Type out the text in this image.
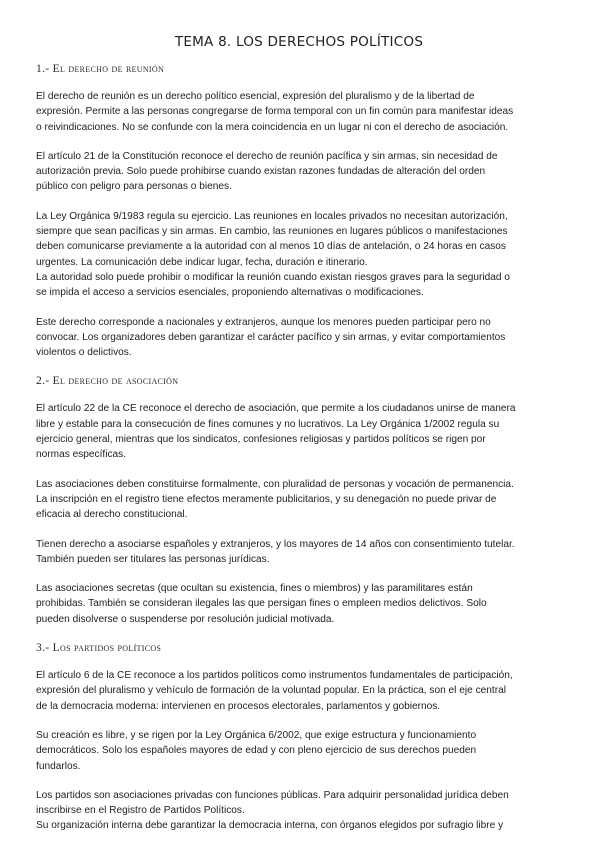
TEMA 8. LOS DERECHOS POLÍTICOS
1.- El derecho de reunión

El derecho de reunión es un derecho político esencial, expresión del pluralismo y de la libertad de
expresión. Permite a las personas congregarse de forma temporal con un fin común para manifestar ideas
o reivindicaciones. No se confunde con la mera coincidencia en un lugar ni con el derecho de asociación.

El artículo 21 de la Constitución reconoce el derecho de reunión pacífica y sin armas, sin necesidad de
autorización previa. Solo puede prohibirse cuando existan razones fundadas de alteración del orden
público con peligro para personas o bienes.

La Ley Orgánica 9/1983 regula su ejercicio. Las reuniones en locales privados no necesitan autorización,
siempre que sean pacíficas y sin armas. En cambio, las reuniones en lugares públicos o manifestaciones
deben comunicarse previamente a la autoridad con al menos 10 días de antelación, o 24 horas en casos
urgentes. La comunicación debe indicar lugar, fecha, duración e itinerario.
La autoridad solo puede prohibir o modificar la reunión cuando existan riesgos graves para la seguridad o
se impida el acceso a servicios esenciales, proponiendo alternativas o modificaciones.

Este derecho corresponde a nacionales y extranjeros, aunque los menores pueden participar pero no
convocar. Los organizadores deben garantizar el carácter pacífico y sin armas, y evitar comportamientos
violentos o delictivos.

2.- El derecho de asociación

El artículo 22 de la CE reconoce el derecho de asociación, que permite a los ciudadanos unirse de manera
libre y estable para la consecución de fines comunes y no lucrativos. La Ley Orgánica 1/2002 regula su
ejercicio general, mientras que los sindicatos, confesiones religiosas y partidos políticos se rigen por
normas específicas.

Las asociaciones deben constituirse formalmente, con pluralidad de personas y vocación de permanencia.
La inscripción en el registro tiene efectos meramente publicitarios, y su denegación no puede privar de
eficacia al derecho constitucional.

Tienen derecho a asociarse españoles y extranjeros, y los mayores de 14 años con consentimiento tutelar.
También pueden ser titulares las personas jurídicas.

Las asociaciones secretas (que ocultan su existencia, fines o miembros) y las paramilitares están
prohibidas. También se consideran ilegales las que persigan fines o empleen medios delictivos. Solo
pueden disolverse o suspenderse por resolución judicial motivada.

3.- Los partidos políticos

El artículo 6 de la CE reconoce a los partidos políticos como instrumentos fundamentales de participación,
expresión del pluralismo y vehículo de formación de la voluntad popular. En la práctica, son el eje central
de la democracia moderna: intervienen en procesos electorales, parlamentos y gobiernos.

Su creación es libre, y se rigen por la Ley Orgánica 6/2002, que exige estructura y funcionamiento
democráticos. Solo los españoles mayores de edad y con pleno ejercicio de sus derechos pueden
fundarlos.

Los partidos son asociaciones privadas con funciones públicas. Para adquirir personalidad jurídica deben
inscribirse en el Registro de Partidos Políticos.
Su organización interna debe garantizar la democracia interna, con órganos elegidos por sufragio libre y
